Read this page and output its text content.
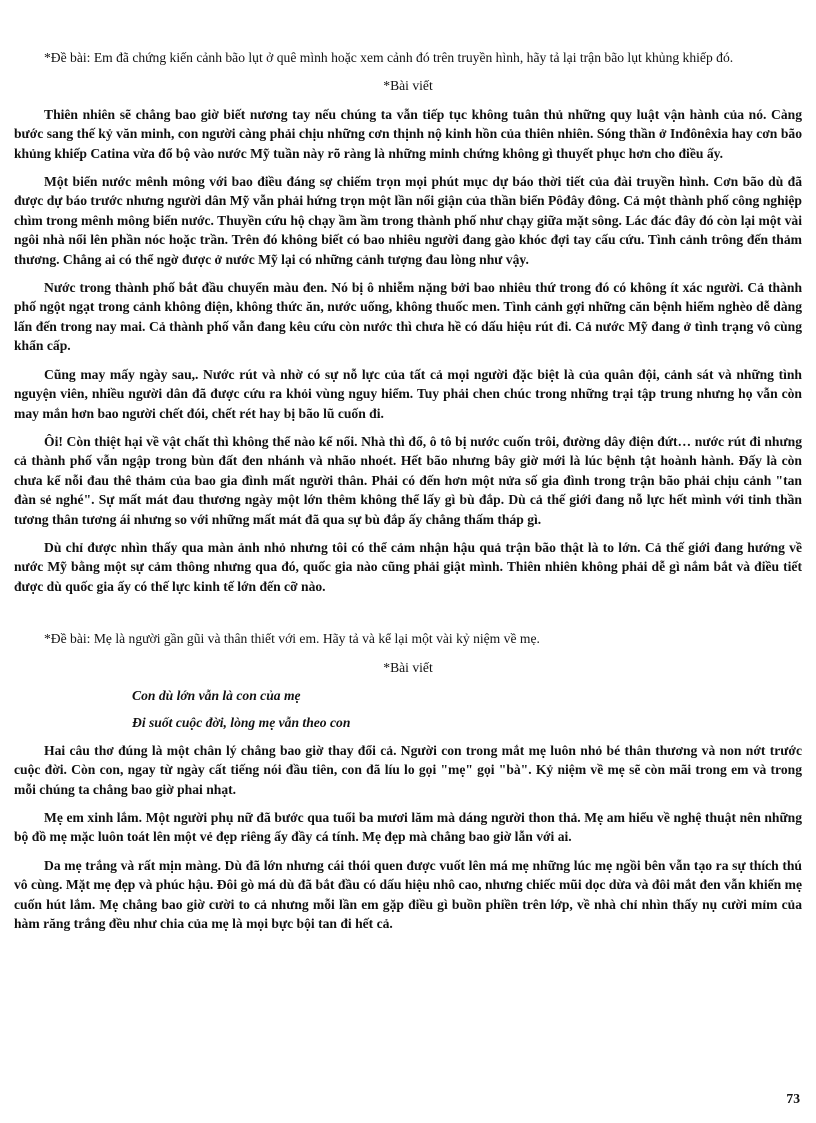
*Đề bài: Em đã chứng kiến cảnh bão lụt ở quê mình hoặc xem cảnh đó trên truyền hình, hãy tả lại trận bão lụt khủng khiếp đó.

*Bài viết

Thiên nhiên sẽ chẳng bao giờ biết nương tay nếu chúng ta vẫn tiếp tục không tuân thủ những quy luật vận hành của nó. Càng bước sang thế kỷ văn minh, con người càng phải chịu những cơn thịnh nộ kinh hồn của thiên nhiên. Sóng thần ở Inđônêxia hay cơn bão khủng khiếp Catina vừa đổ bộ vào nước Mỹ tuần này rõ ràng là những minh chứng không gì thuyết phục hơn cho điều ấy.

Một biển nước mênh mông với bao điều đáng sợ chiếm trọn mọi phút mục dự báo thời tiết của đài truyền hình. Cơn bão dù đã được dự báo trước nhưng người dân Mỹ vẫn phải hứng trọn một lần nổi giận của thần biển Pôđây đông. Cả một thành phố công nghiệp chìm trong mênh mông biển nước. Thuyền cứu hộ chạy ầm ầm trong thành phố như chạy giữa mặt sông. Lác đác đây đó còn lại một vài ngôi nhà nổi lên phần nóc hoặc trần. Trên đó không biết có bao nhiêu người đang gào khóc đợi tay cấu cứu. Tình cảnh trông đến thảm thương. Chẳng ai có thể ngờ được ở nước Mỹ lại có những cảnh tượng đau lòng như vậy.

Nước trong thành phố bắt đầu chuyển màu đen. Nó bị ô nhiễm nặng bởi bao nhiêu thứ trong đó có không ít xác người. Cả thành phố ngột ngạt trong cảnh không điện, không thức ăn, nước uống, không thuốc men. Tình cảnh gợi những căn bệnh hiểm nghèo dễ dàng lấn đến trong nay mai. Cả thành phố vẫn đang kêu cứu còn nước thì chưa hề có dấu hiệu rút đi. Cả nước Mỹ đang ở tình trạng vô cùng khẩn cấp.

Cũng may mấy ngày sau,. Nước rút và nhờ có sự nỗ lực của tất cả mọi người đặc biệt là của quân đội, cảnh sát và những tình nguyện viên, nhiều người dân đã được cứu ra khỏi vùng nguy hiểm. Tuy phải chen chúc trong những trại tập trung nhưng họ vẫn còn may mắn hơn bao người chết đói, chết rét hay bị bão lũ cuốn đi.

Ôi! Còn thiệt hại về vật chất thì không thể nào kể nổi. Nhà thì đổ, ô tô bị nước cuốn trôi, đường dây điện đứt… nước rút đi nhưng cả thành phố vẫn ngập trong bùn đất đen nhánh và nhão nhoét. Hết bão nhưng bây giờ mới là lúc bệnh tật hoành hành. Đấy là còn chưa kể nỗi đau thê thảm của bao gia đình mất người thân. Phải có đến hơn một nửa số gia đình trong trận bão phải chịu cảnh "tan đàn sẻ nghé". Sự mất mát đau thương ngày một lớn thêm không thể lấy gì bù đắp. Dù cả thế giới đang nỗ lực hết mình với tinh thần tương thân tương ái nhưng so với những mất mát đã qua sự bù đắp ấy chẳng thấm tháp gì.

Dù chỉ được nhìn thấy qua màn ảnh nhỏ nhưng tôi có thể cảm nhận hậu quả trận bão thật là to lớn. Cả thế giới đang hướng về nước Mỹ bằng một sự cảm thông nhưng qua đó, quốc gia nào cũng phải giật mình. Thiên nhiên không phải dễ gì nắm bắt và điều tiết được dù quốc gia ấy có thế lực kinh tế lớn đến cỡ nào.

*Đề bài: Mẹ là người gần gũi và thân thiết với em. Hãy tả và kể lại một vài kỷ niệm về mẹ.

*Bài viết

Con dù lớn vẫn là con của mẹ

Đi suốt cuộc đời, lòng mẹ vẫn theo con

Hai câu thơ đúng là một chân lý chẳng bao giờ thay đổi cả. Người con trong mắt mẹ luôn nhỏ bé thân thương và non nớt trước cuộc đời. Còn con, ngay từ ngày cất tiếng nói đầu tiên, con đã líu lo gọi "mẹ" gọi "bà". Kỷ niệm về mẹ sẽ còn mãi trong em và trong mỗi chúng ta chẳng bao giờ phai nhạt.

Mẹ em xinh lắm. Một người phụ nữ đã bước qua tuổi ba mươi lăm mà dáng người thon thả. Mẹ am hiểu về nghệ thuật nên những bộ đồ mẹ mặc luôn toát lên một vẻ đẹp riêng ấy đầy cá tính. Mẹ đẹp mà chẳng bao giờ lẫn với ai.

Da mẹ trắng và rất mịn màng. Dù đã lớn nhưng cái thói quen được vuốt lên má mẹ những lúc mẹ ngồi bên vẫn tạo ra sự thích thú vô cùng. Mặt mẹ đẹp và phúc hậu. Đôi gò má dù đã bắt đầu có dấu hiệu nhô cao, nhưng chiếc mũi dọc dừa và đôi mắt đen vẫn khiến mẹ cuốn hút lắm. Mẹ chẳng bao giờ cười to cả nhưng mỗi lần em gặp điều gì buồn phiền trên lớp, về nhà chỉ nhìn thấy nụ cười mỉm của hàm răng trắng đều như chia của mẹ là mọi bực bội tan đi hết cả.

73
